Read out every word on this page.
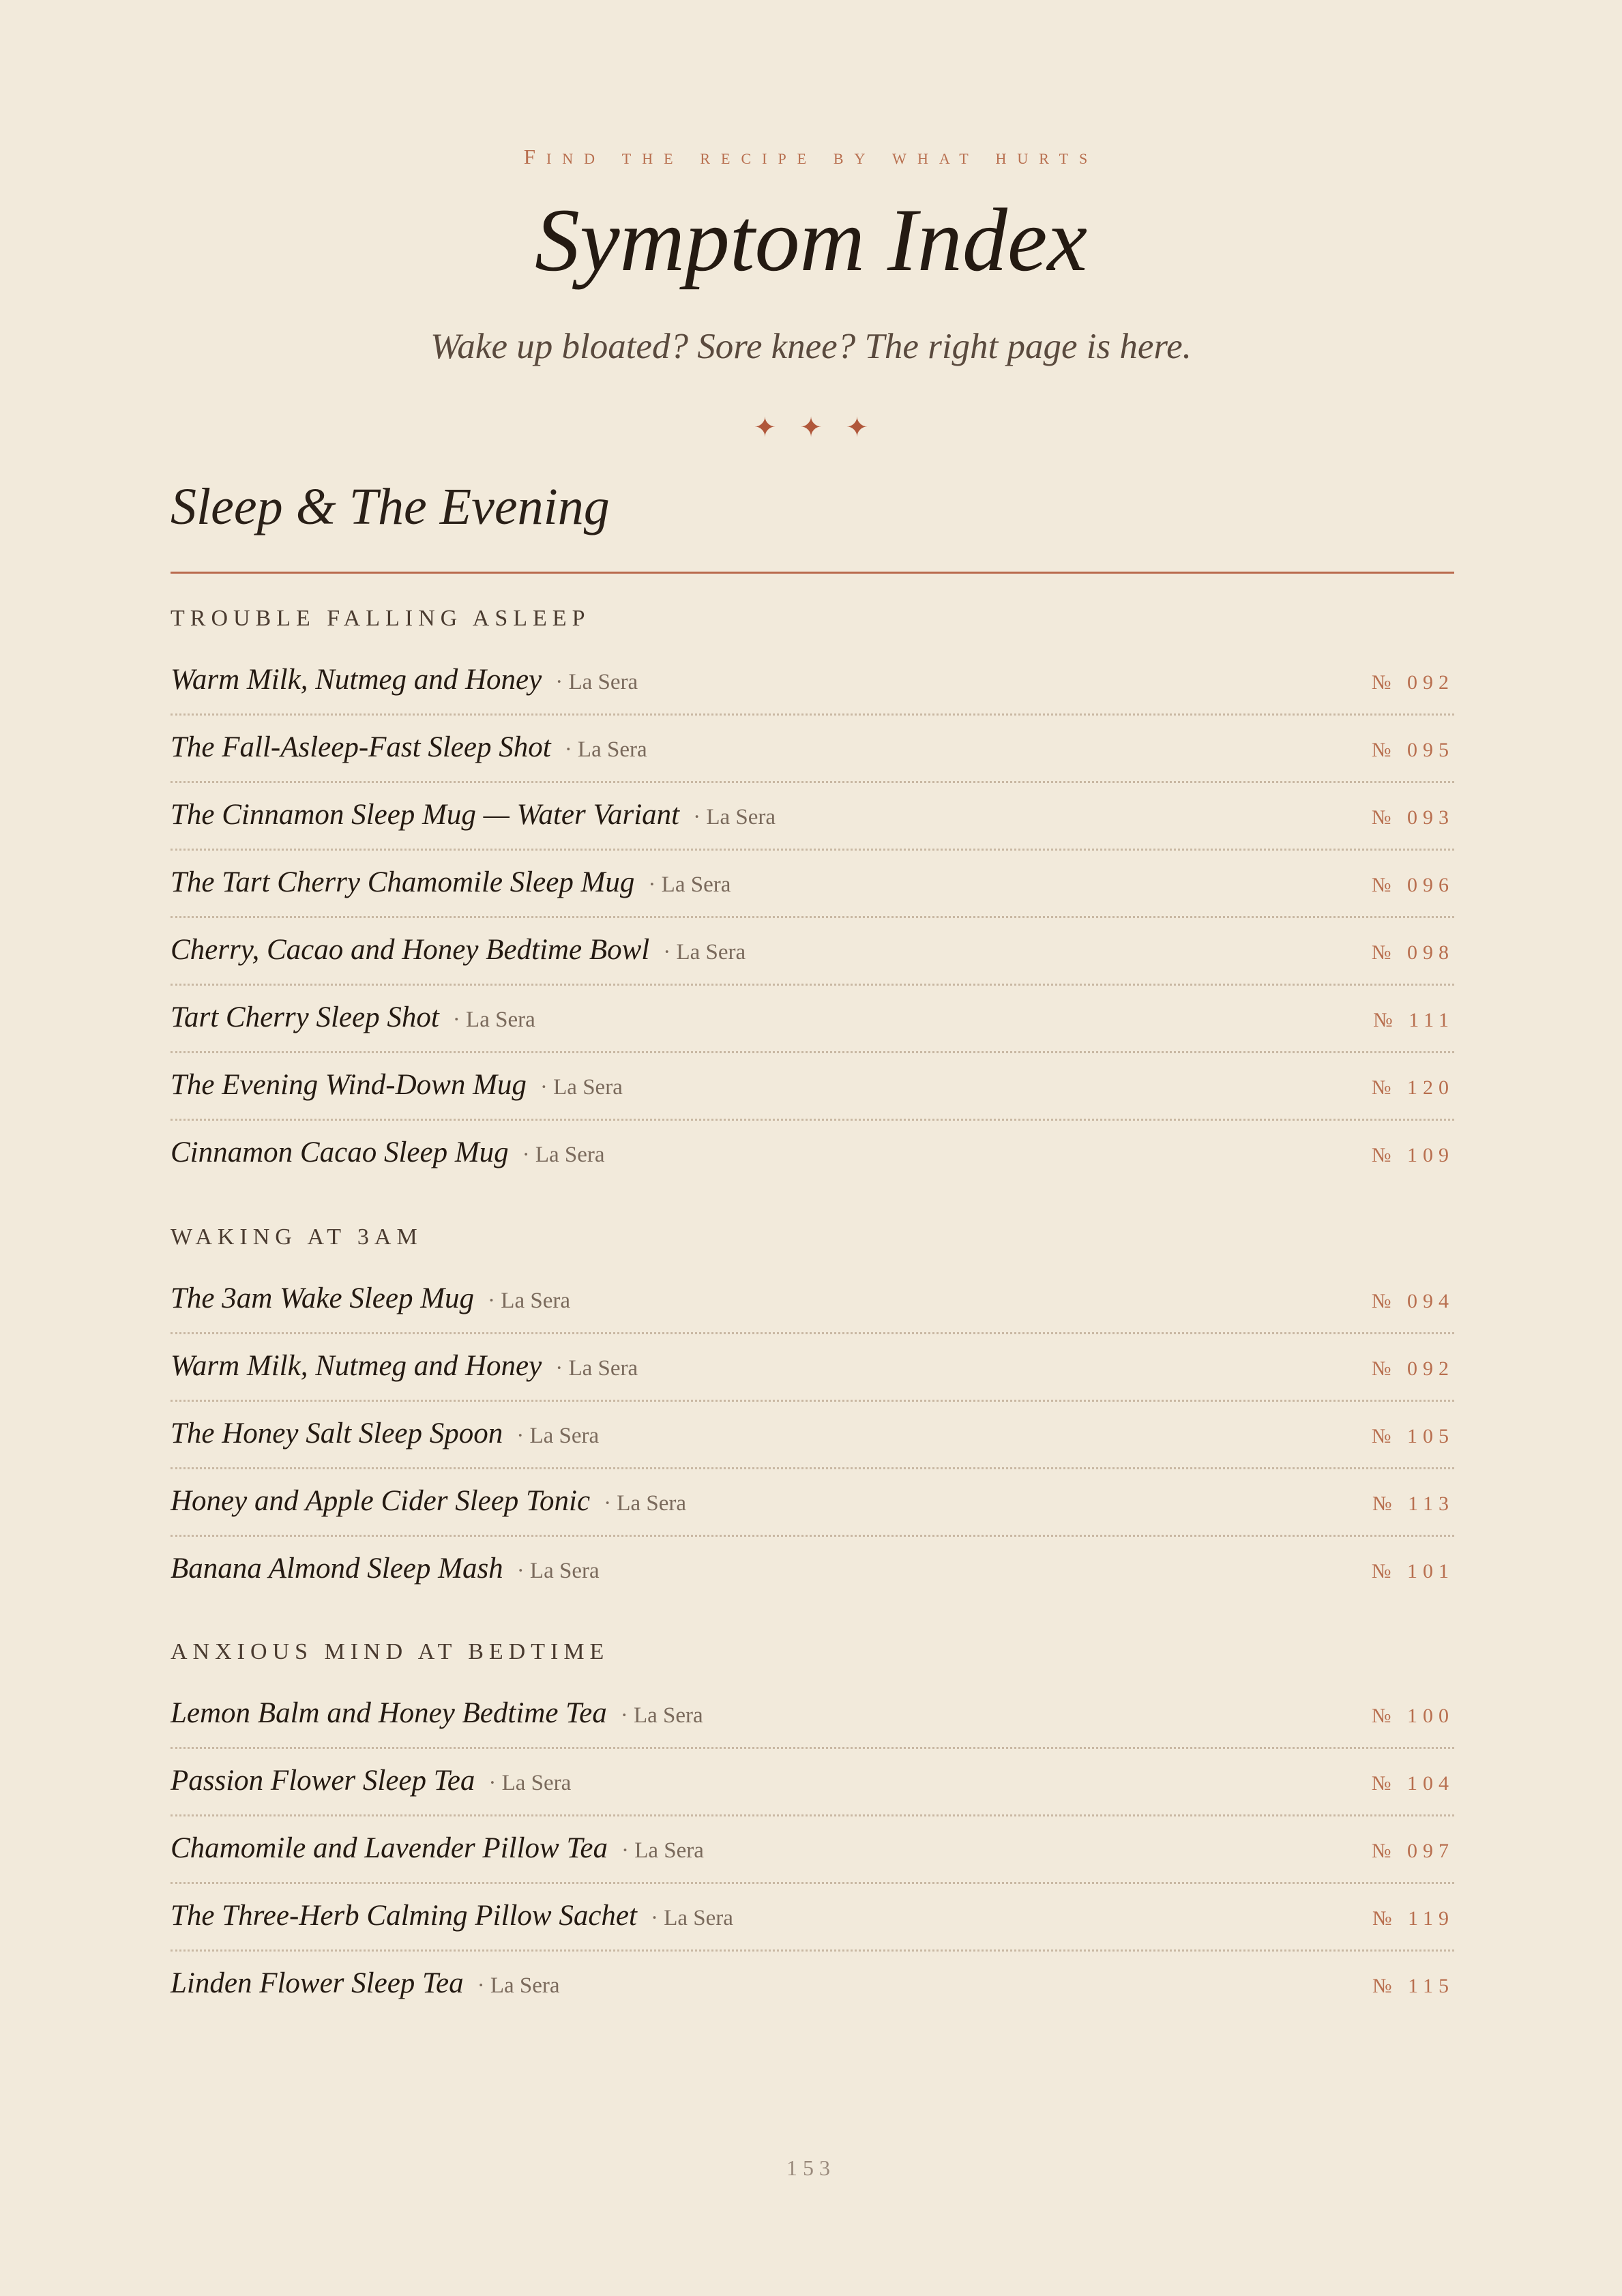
Find the recipe by what hurts
Symptom Index
Wake up bloated? Sore knee? The right page is here.
✦ ✦ ✦
Sleep & The Evening
TROUBLE FALLING ASLEEP
Warm Milk, Nutmeg and Honey · La Sera	№ 092
The Fall-Asleep-Fast Sleep Shot · La Sera	№ 095
The Cinnamon Sleep Mug — Water Variant · La Sera	№ 093
The Tart Cherry Chamomile Sleep Mug · La Sera	№ 096
Cherry, Cacao and Honey Bedtime Bowl · La Sera	№ 098
Tart Cherry Sleep Shot · La Sera	№ 111
The Evening Wind-Down Mug · La Sera	№ 120
Cinnamon Cacao Sleep Mug · La Sera	№ 109
WAKING AT 3AM
The 3am Wake Sleep Mug · La Sera	№ 094
Warm Milk, Nutmeg and Honey · La Sera	№ 092
The Honey Salt Sleep Spoon · La Sera	№ 105
Honey and Apple Cider Sleep Tonic · La Sera	№ 113
Banana Almond Sleep Mash · La Sera	№ 101
ANXIOUS MIND AT BEDTIME
Lemon Balm and Honey Bedtime Tea · La Sera	№ 100
Passion Flower Sleep Tea · La Sera	№ 104
Chamomile and Lavender Pillow Tea · La Sera	№ 097
The Three-Herb Calming Pillow Sachet · La Sera	№ 119
Linden Flower Sleep Tea · La Sera	№ 115
153
